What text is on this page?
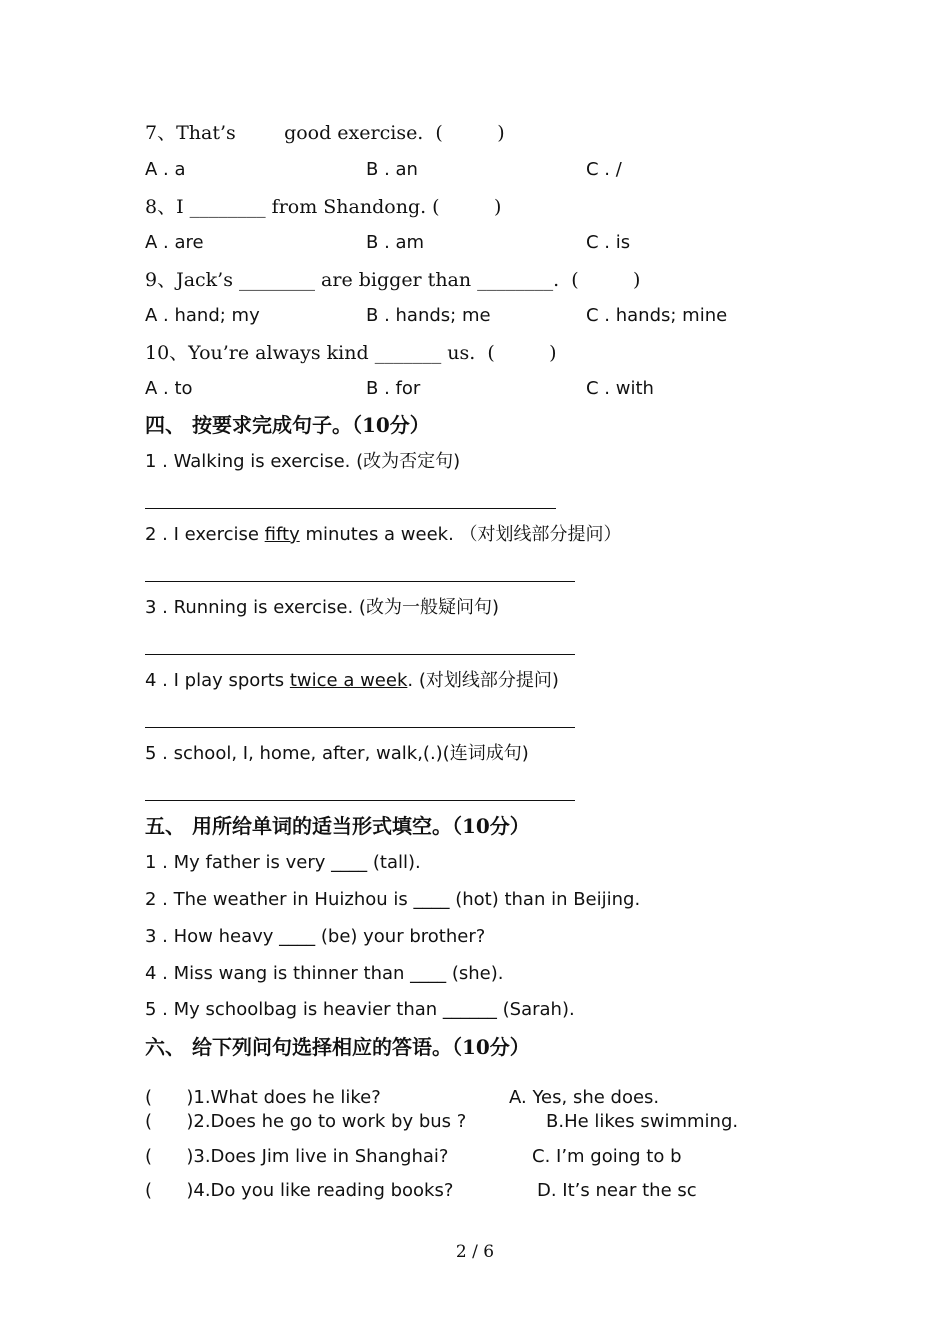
7、That’s        good exercise.  (         )
A . a	B . an	C . /
8、I ________ from Shandong. (         )
A . are	B . am	C . is
9、Jack’s ________ are bigger than ________.  (         )
A . hand; my	B . hands; me	C . hands; mine
10、You’re always kind _______ us.  (         )
A . to	B . for	C . with
四、 按要求完成句子。（10分）
1 . Walking is exercise. (改为否定句)
2 . I exercise fifty minutes a week. （对划线部分提问）
3 . Running is exercise. (改为一般疑问句)
4 . I play sports twice a week. (对划线部分提问)
5 . school, I, home, after, walk,(.)(连词成句)
五、 用所给单词的适当形式填空。（10分）
1 . My father is very ____ (tall).
2 . The weather in Huizhou is ____ (hot) than in Beijing.
3 . How heavy ____ (be) your brother?
4 . Miss wang is thinner than ____ (she).
5 . My schoolbag is heavier than ______ (Sarah).
六、 给下列问句选择相应的答语。（10分）
(      )1.What does he like?	A. Yes, she does.
(      )2.Does he go to work by bus ?	B.He likes swimming.
(      )3.Does Jim live in Shanghai?	C. I’m going to b
(      )4.Do you like reading books?	D. It’s near the sc
2 / 6
